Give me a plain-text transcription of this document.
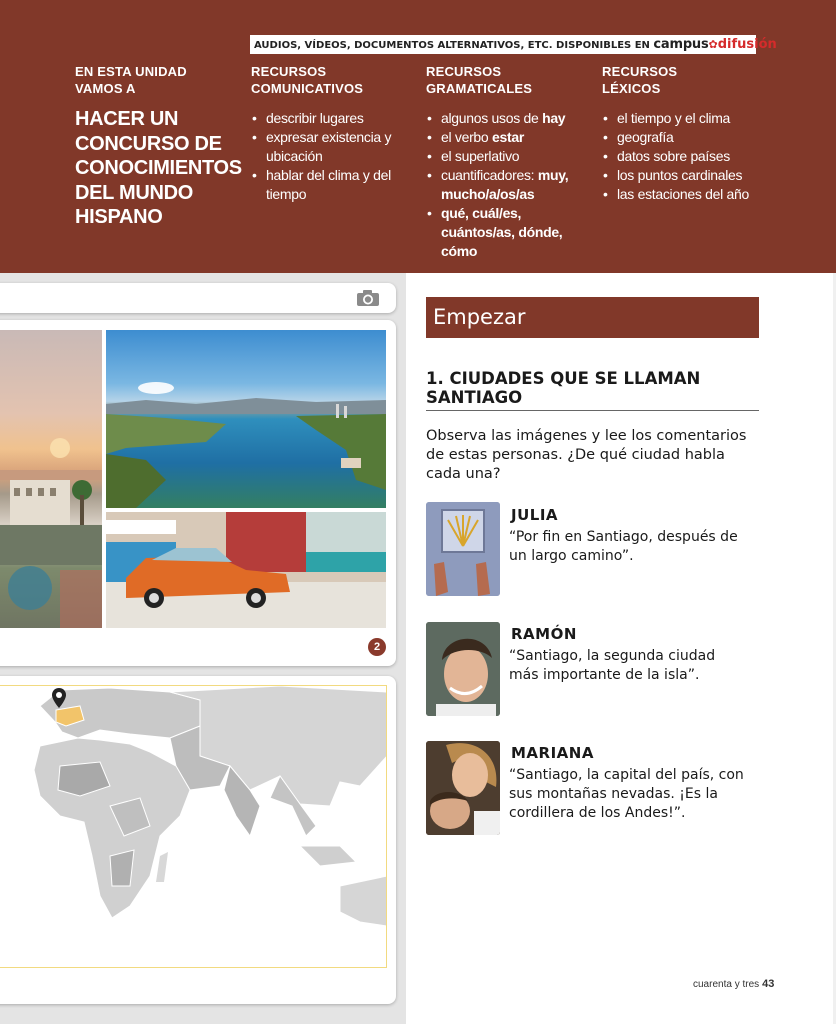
AUDIOS, VÍDEOS, DOCUMENTOS ALTERNATIVOS, ETC. DISPONIBLES EN campus✿difusión
EN ESTA UNIDAD VAMOS A
HACER UN CONCURSO DE CONOCIMIENTOS DEL MUNDO HISPANO
RECURSOS COMUNICATIVOS
• describir lugares
• expresar existencia y ubicación
• hablar del clima y del tiempo
RECURSOS GRAMATICALES
• algunos usos de hay
• el verbo estar
• el superlativo
• cuantificadores: muy, mucho/a/os/as
• qué, cuál/es, cuántos/as, dónde, cómo
RECURSOS LÉXICOS
• el tiempo y el clima
• geografía
• datos sobre países
• los puntos cardinales
• las estaciones del año
2
Empezar
1. CIUDADES QUE SE LLAMAN SANTIAGO
Observa las imágenes y lee los comentarios de estas personas. ¿De qué ciudad habla cada una?
JULIA
“Por fin en Santiago, después de un largo camino”.
RAMÓN
“Santiago, la segunda ciudad más importante de la isla”.
MARIANA
“Santiago, la capital del país, con sus montañas nevadas. ¡Es la cordillera de los Andes!”.
cuarenta y tres 43
